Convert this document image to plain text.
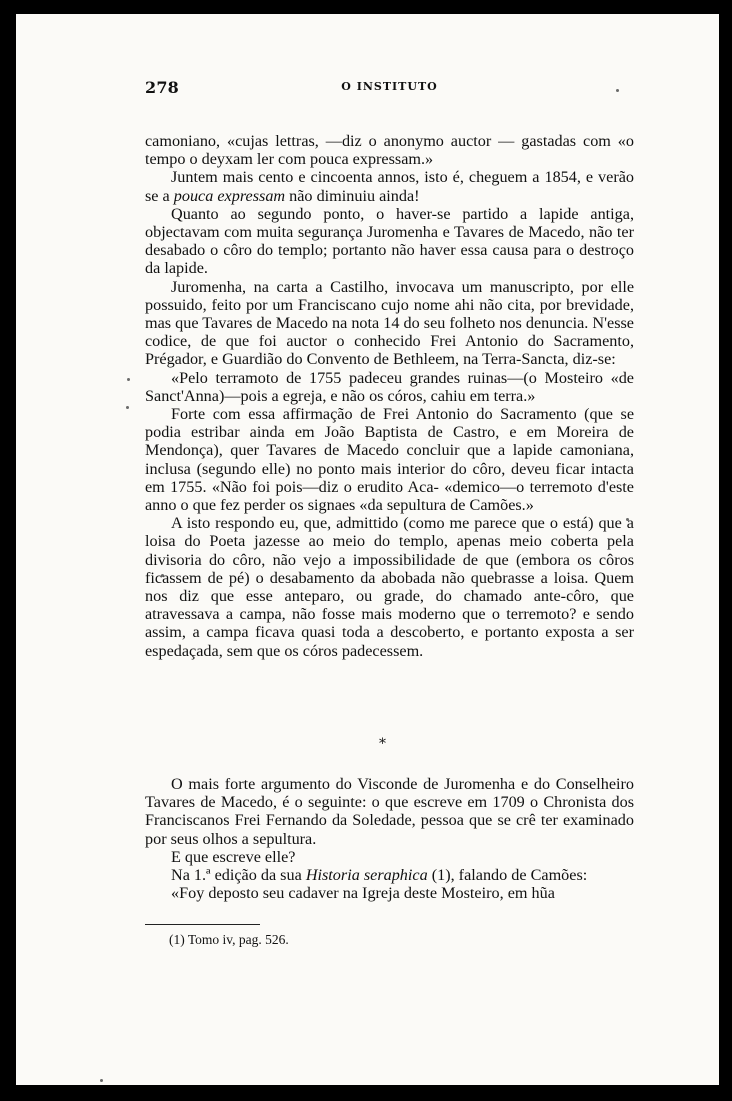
278	O INSTITUTO

camoniano, «cujas lettras, —diz o anonymo auctor — gastadas com «o tempo o deyxam ler com pouca expressam.»

Juntem mais cento e cincoenta annos, isto é, cheguem a 1854, e verão se a pouca expressam não diminuiu ainda!

Quanto ao segundo ponto, o haver-se partido a lapide antiga, objectavam com muita segurança Juromenha e Tavares de Macedo, não ter desabado o côro do templo; portanto não haver essa causa para o destroço da lapide.

Juromenha, na carta a Castilho, invocava um manuscripto, por elle possuido, feito por um Franciscano cujo nome ahi não cita, por brevidade, mas que Tavares de Macedo na nota 14 do seu folheto nos denuncia. N'esse codice, de que foi auctor o conhecido Frei Antonio do Sacramento, Prégador, e Guardião do Convento de Bethleem, na Terra-Sancta, diz-se:

«Pelo terramoto de 1755 padeceu grandes ruinas—(o Mosteiro «de Sanct'Anna)—pois a egreja, e não os córos, cahiu em terra.»

Forte com essa affirmação de Frei Antonio do Sacramento (que se podia estribar ainda em João Baptista de Castro, e em Moreira de Mendonça), quer Tavares de Macedo concluir que a lapide camoniana, inclusa (segundo elle) no ponto mais interior do côro, deveu ficar intacta em 1755. «Não foi pois—diz o erudito Aca- «demico—o terremoto d'este anno o que fez perder os signaes «da sepultura de Camões.»

A isto respondo eu, que, admittido (como me parece que o está) que a loisa do Poeta jazesse ao meio do templo, apenas meio coberta pela divisoria do côro, não vejo a impossibilidade de que (embora os côros ficassem de pé) o desabamento da abobada não quebrasse a loisa. Quem nos diz que esse anteparo, ou grade, do chamado ante-côro, que atravessava a campa, não fosse mais moderno que o terremoto? e sendo assim, a campa ficava quasi toda a descoberto, e portanto exposta a ser espedaçada, sem que os córos padecessem.

*

O mais forte argumento do Visconde de Juromenha e do Conselheiro Tavares de Macedo, é o seguinte: o que escreve em 1709 o Chronista dos Franciscanos Frei Fernando da Soledade, pessoa que se crê ter examinado por seus olhos a sepultura.

E que escreve elle?

Na 1.ª edição da sua Historia seraphica (1), falando de Camões:

«Foy deposto seu cadaver na Igreja deste Mosteiro, em hũa

(1) Tomo iv, pag. 526.
